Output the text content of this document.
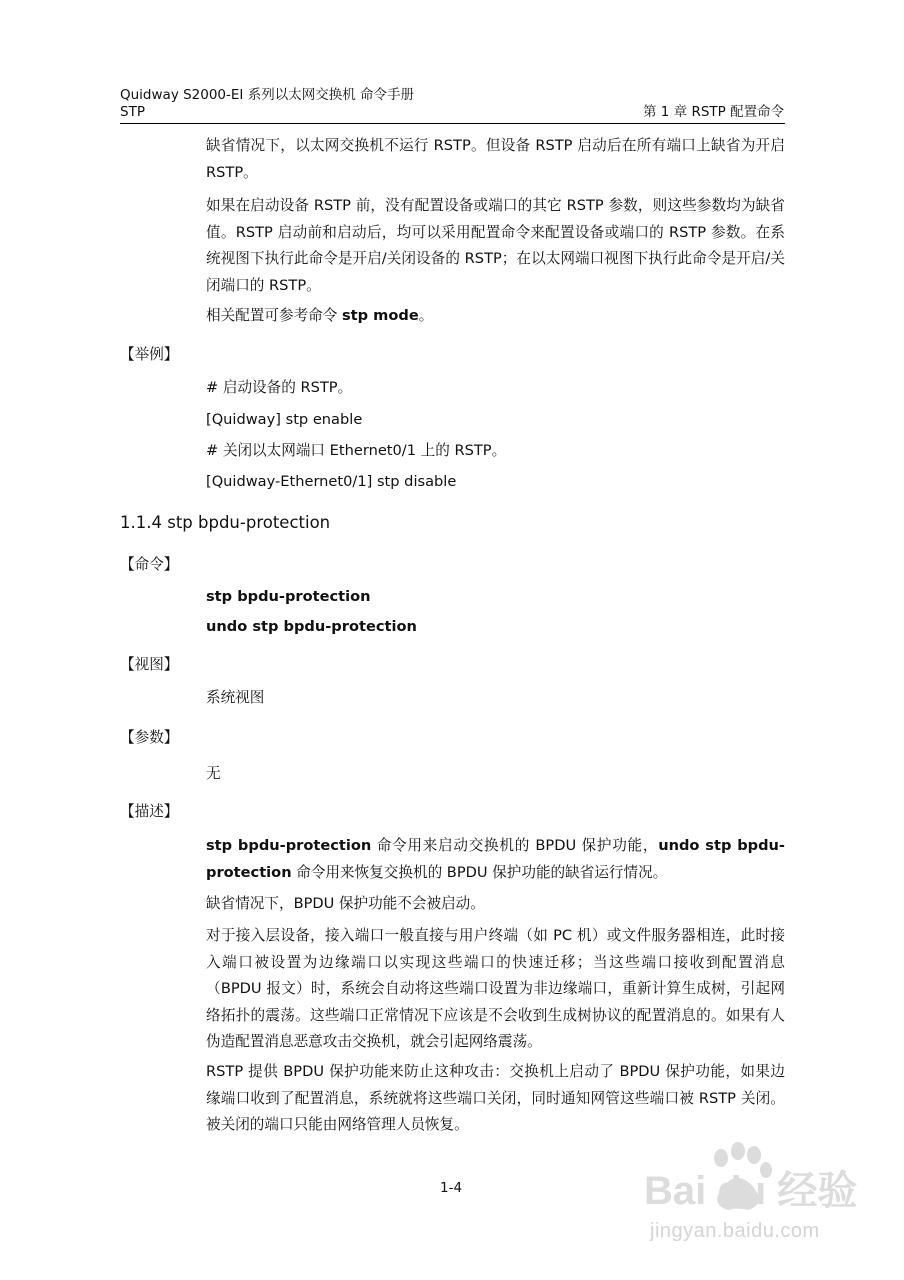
Quidway S2000-EI 系列以太网交换机 命令手册
STP	第 1 章 RSTP 配置命令
缺省情况下，以太网交换机不运行 RSTP。但设备 RSTP 启动后在所有端口上缺省为开启 RSTP。
如果在启动设备 RSTP 前，没有配置设备或端口的其它 RSTP 参数，则这些参数均为缺省值。RSTP 启动前和启动后，均可以采用配置命令来配置设备或端口的 RSTP 参数。在系统视图下执行此命令是开启/关闭设备的 RSTP；在以太网端口视图下执行此命令是开启/关闭端口的 RSTP。
相关配置可参考命令 stp mode。
【举例】
# 启动设备的 RSTP。
[Quidway] stp enable
# 关闭以太网端口 Ethernet0/1 上的 RSTP。
[Quidway-Ethernet0/1] stp disable
1.1.4 stp bpdu-protection
【命令】
stp bpdu-protection
undo stp bpdu-protection
【视图】
系统视图
【参数】
无
【描述】
stp bpdu-protection 命令用来启动交换机的 BPDU 保护功能，undo stp bpdu-protection 命令用来恢复交换机的 BPDU 保护功能的缺省运行情况。
缺省情况下，BPDU 保护功能不会被启动。
对于接入层设备，接入端口一般直接与用户终端（如 PC 机）或文件服务器相连，此时接入端口被设置为边缘端口以实现这些端口的快速迁移；当这些端口接收到配置消息（BPDU 报文）时，系统会自动将这些端口设置为非边缘端口，重新计算生成树，引起网络拓扑的震荡。这些端口正常情况下应该是不会收到生成树协议的配置消息的。如果有人伪造配置消息恶意攻击交换机，就会引起网络震荡。
RSTP 提供 BPDU 保护功能来防止这种攻击：交换机上启动了 BPDU 保护功能，如果边缘端口收到了配置消息，系统就将这些端口关闭，同时通知网管这些端口被 RSTP 关闭。被关闭的端口只能由网络管理人员恢复。
1-4	Bai du 经验
jingyan.baidu.com
